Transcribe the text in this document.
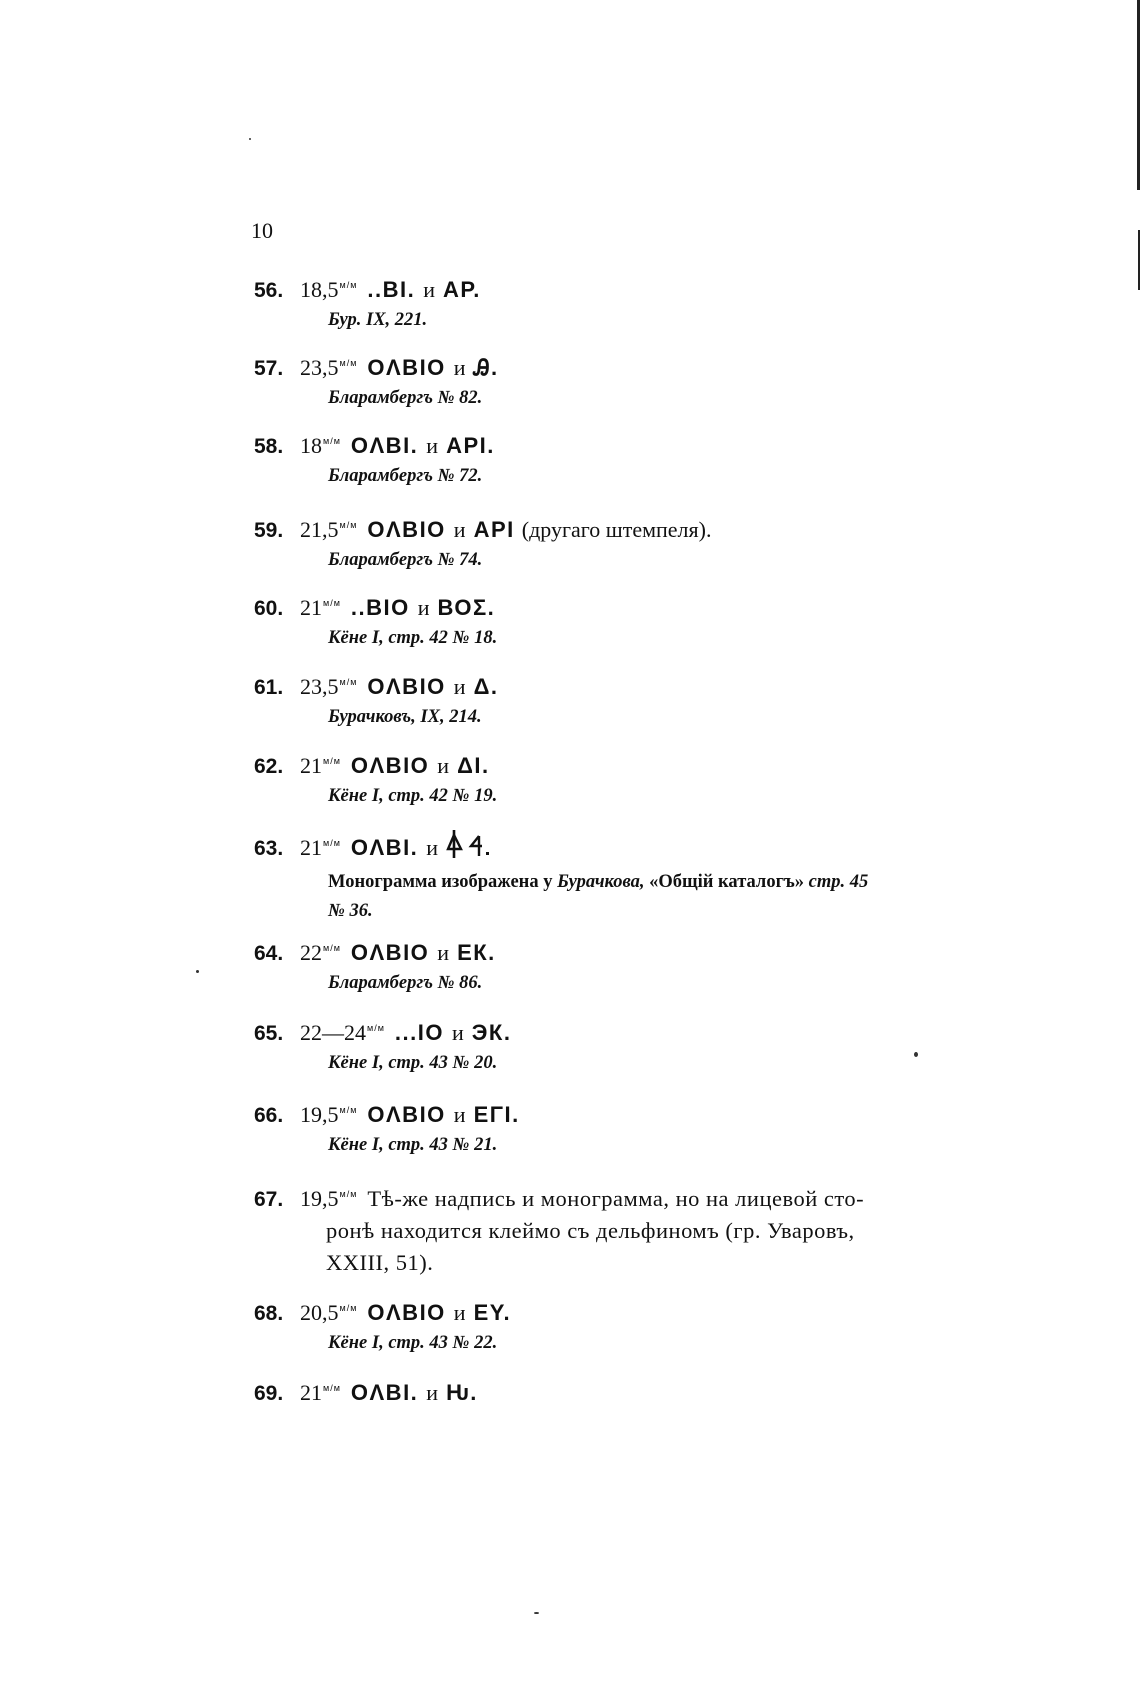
10
56. $18,5^{м/м}$ ..ВІ. и АР.
Бур. IX, 221.
57. $23,5^{м/м}$ ОΛВІО и Ꭿ.
Бларамбергъ № 82.
58. $18^{м/м}$ ОΛВІ. и АРІ.
Бларамбергъ № 72.
59. $21,5^{м/м}$ ОΛВІО и АРІ (другаго штемпеля).
Бларамбергъ № 74.
60. $21^{м/м}$ ..ВІО и ВОΣ.
Кёне I, стр. 42 № 18.
61. $23,5^{м/м}$ ОΛВІО и Δ.
Бурачковъ, IX, 214.
62. $21^{м/м}$ ОΛВІО и ΔΙ.
Кёне I, стр. 42 № 19.
63. $21^{м/м}$ ОΛВІ. и
Монограмма изображена у Бурачкова, «Общій каталогъ» стр. 45
№ 36.
64. $22^{м/м}$ ОΛВІО и ЕК.
Бларамбергъ № 86.
65. $22—24^{м/м}$ ...ІО и ЭК.
Кёне I, стр. 43 № 20.
66. $19,5^{м/м}$ ОΛВІО и ЕΓΙ.
Кёне I, стр. 43 № 21.
67. $19,5^{м/м}$ Тѣ-же надпись и монограмма, но на лицевой сто-
ронѣ находится клеймо съ дельфиномъ (гр. Уваровъ,
XXIII, 51).
68. $20,5^{м/м}$ ОΛВІО и ЕY.
Кёне I, стр. 43 № 22.
69. $21^{м/м}$ ОΛВІ. и Ƕ.
